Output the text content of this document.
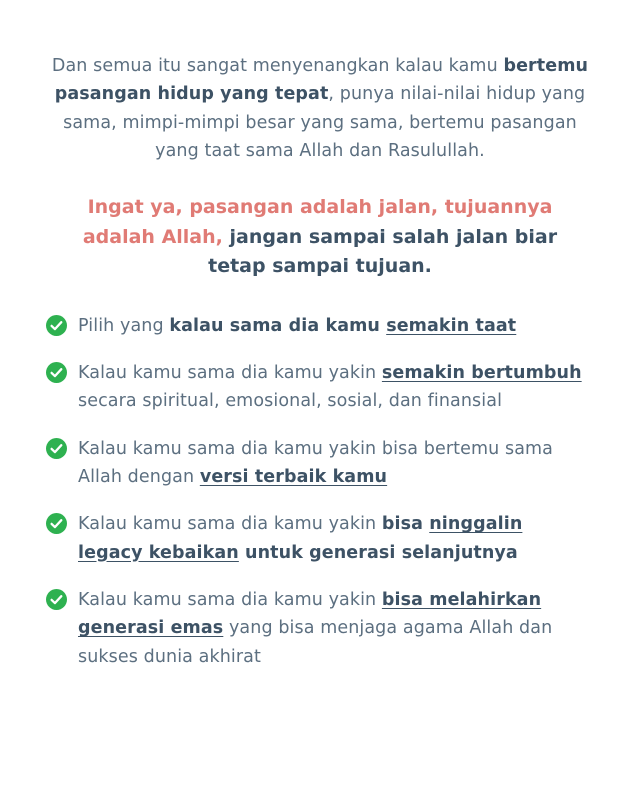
Dan semua itu sangat menyenangkan kalau kamu bertemu pasangan hidup yang tepat, punya nilai-nilai hidup yang sama, mimpi-mimpi besar yang sama, bertemu pasangan yang taat sama Allah dan Rasulullah.

Ingat ya, pasangan adalah jalan, tujuannya adalah Allah, jangan sampai salah jalan biar tetap sampai tujuan.

Pilih yang kalau sama dia kamu semakin taat
Kalau kamu sama dia kamu yakin semakin bertumbuh secara spiritual, emosional, sosial, dan finansial
Kalau kamu sama dia kamu yakin bisa bertemu sama Allah dengan versi terbaik kamu
Kalau kamu sama dia kamu yakin bisa ninggalin legacy kebaikan untuk generasi selanjutnya
Kalau kamu sama dia kamu yakin bisa melahirkan generasi emas yang bisa menjaga agama Allah dan sukses dunia akhirat
